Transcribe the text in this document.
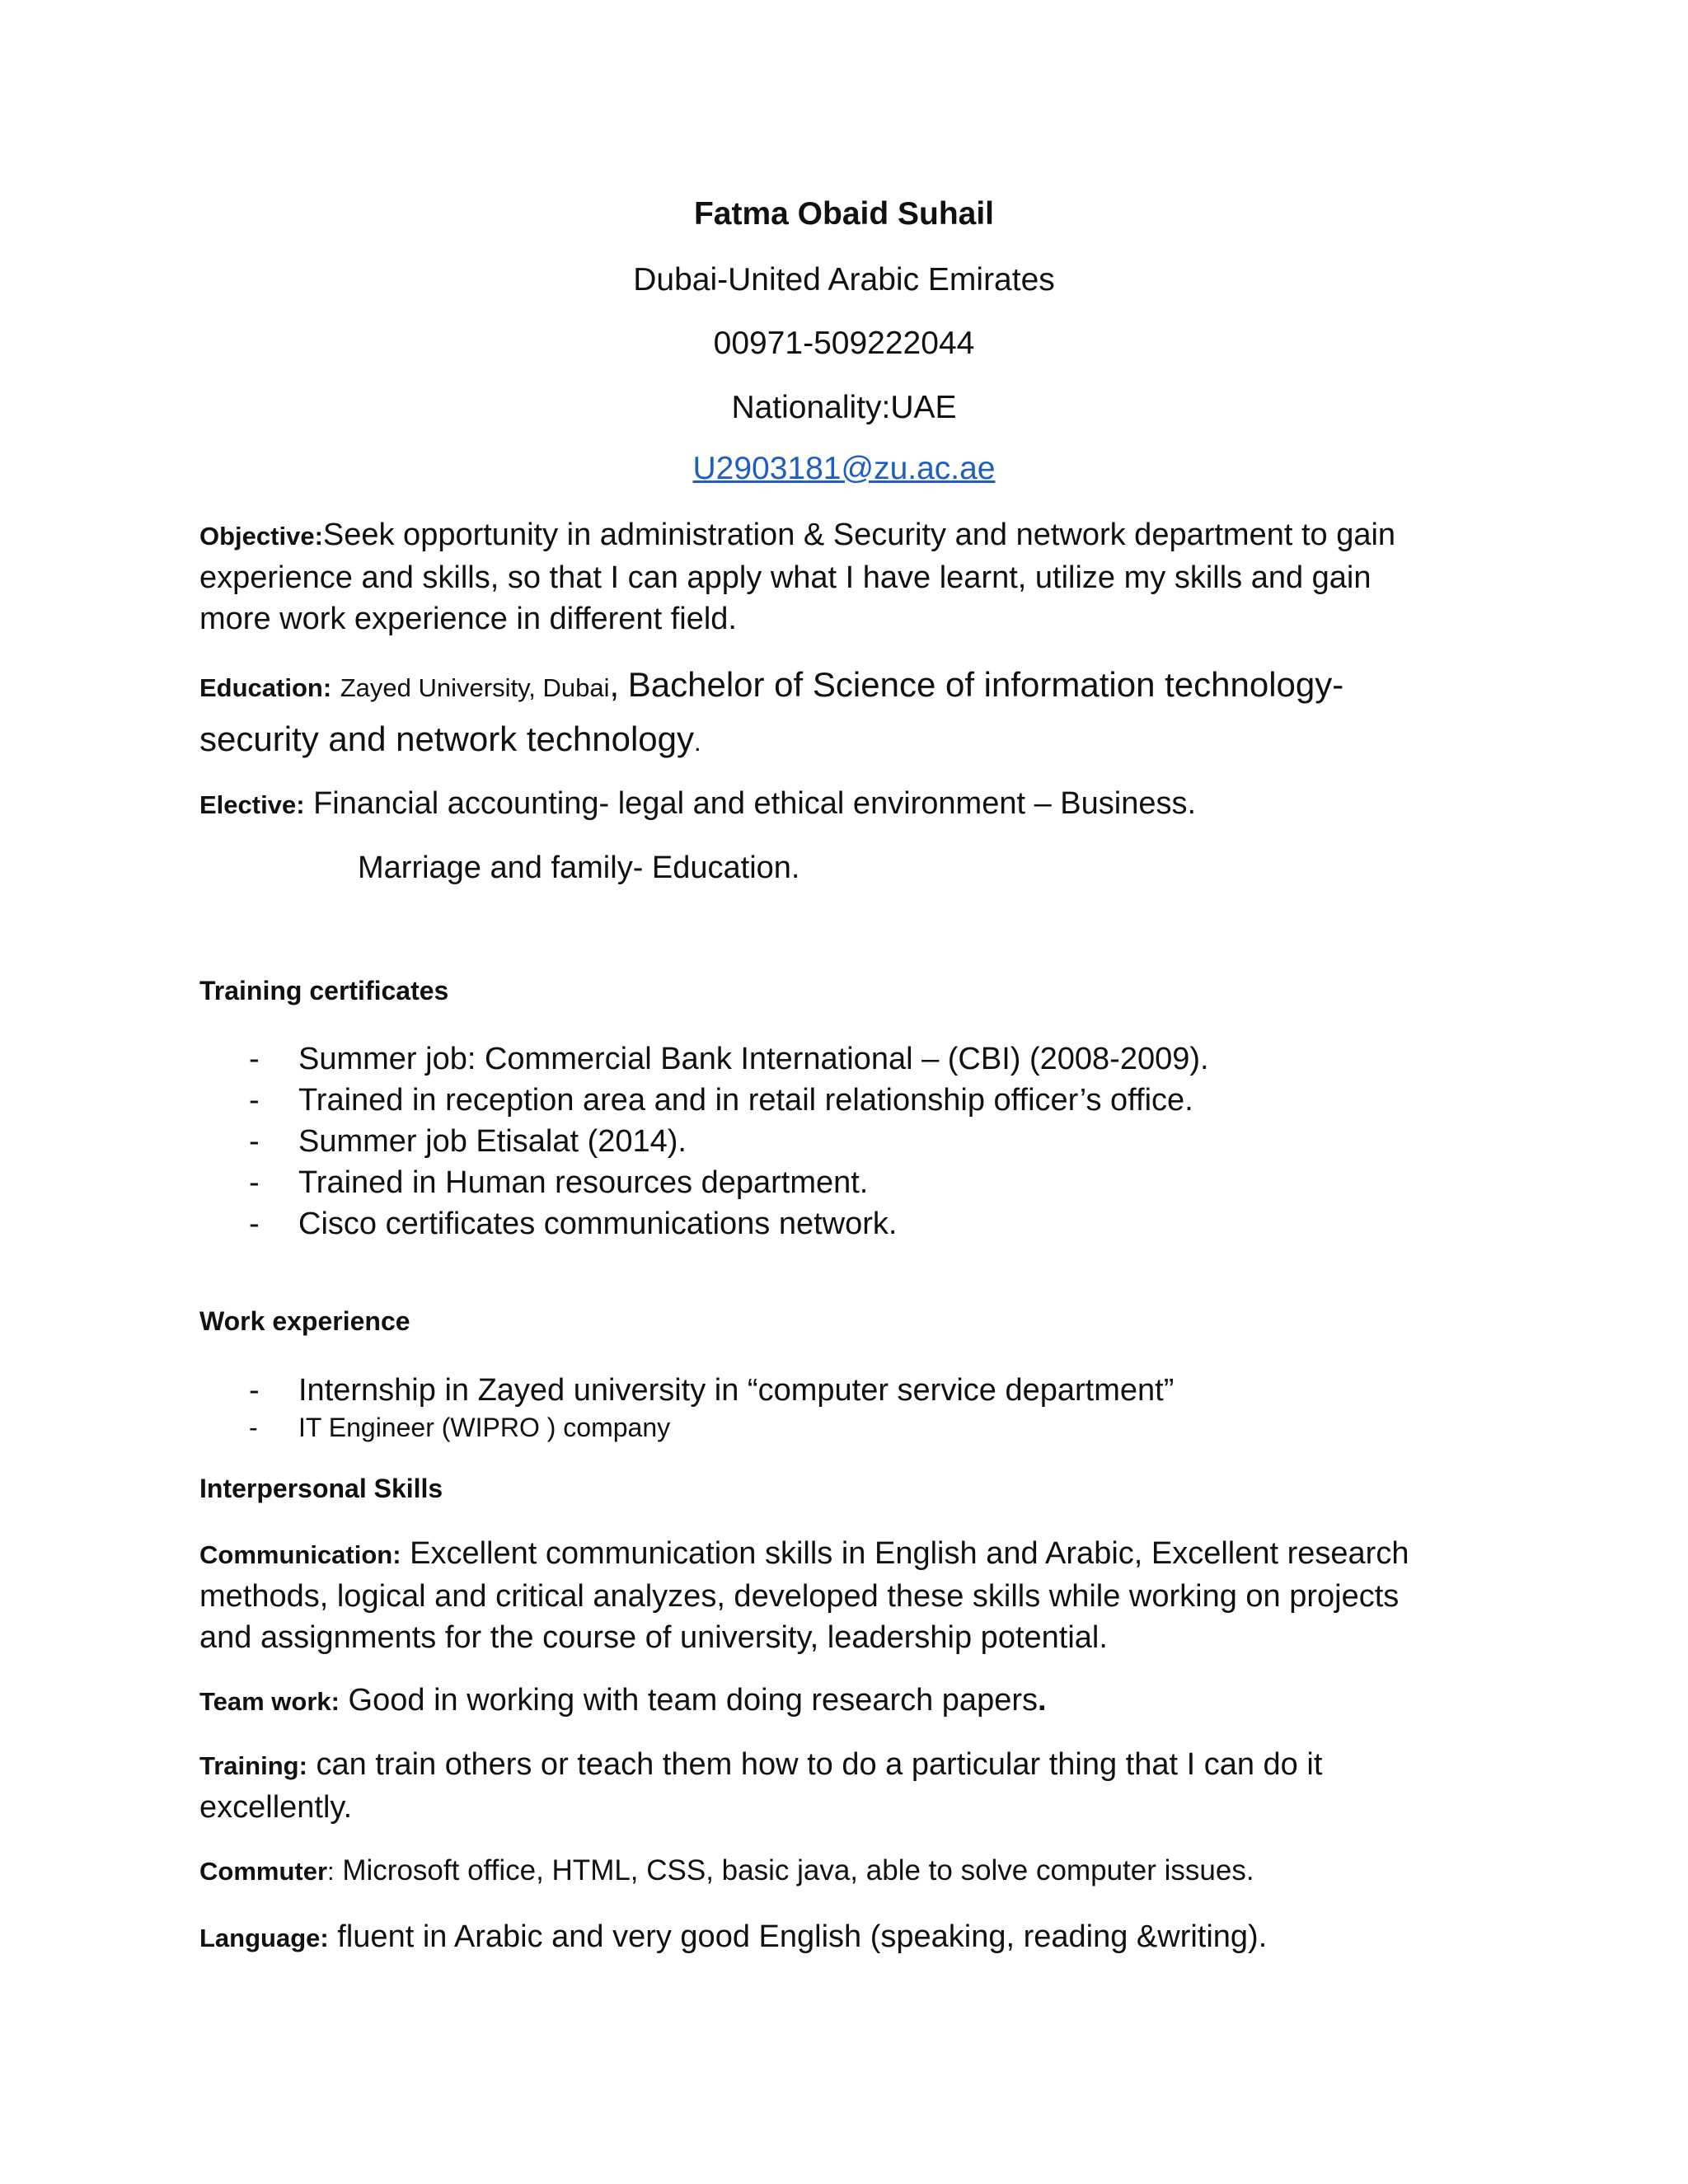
Fatma Obaid Suhail
Dubai-United Arabic Emirates
00971-509222044
Nationality:UAE
U2903181@zu.ac.ae
Objective:Seek opportunity in administration & Security and network department to gain
experience and skills, so that I can apply what I have learnt, utilize my skills and gain
more work experience in different field.
Education: Zayed University, Dubai, Bachelor of Science of information technology-
security and network technology.
Elective: Financial accounting- legal and ethical environment – Business.
Marriage and family- Education.
Training certificates
- Summer job: Commercial Bank International – (CBI) (2008-2009).
- Trained in reception area and in retail relationship officer’s office.
- Summer job Etisalat (2014).
- Trained in Human resources department.
- Cisco certificates communications network.
Work experience
- Internship in Zayed university in “computer service department”
- IT Engineer (WIPRO ) company
Interpersonal Skills
Communication: Excellent communication skills in English and Arabic, Excellent research
methods, logical and critical analyzes, developed these skills while working on projects
and assignments for the course of university, leadership potential.
Team work: Good in working with team doing research papers.
Training: can train others or teach them how to do a particular thing that I can do it
excellently.
Commuter: Microsoft office, HTML, CSS, basic java, able to solve computer issues.
Language: fluent in Arabic and very good English (speaking, reading &writing).
